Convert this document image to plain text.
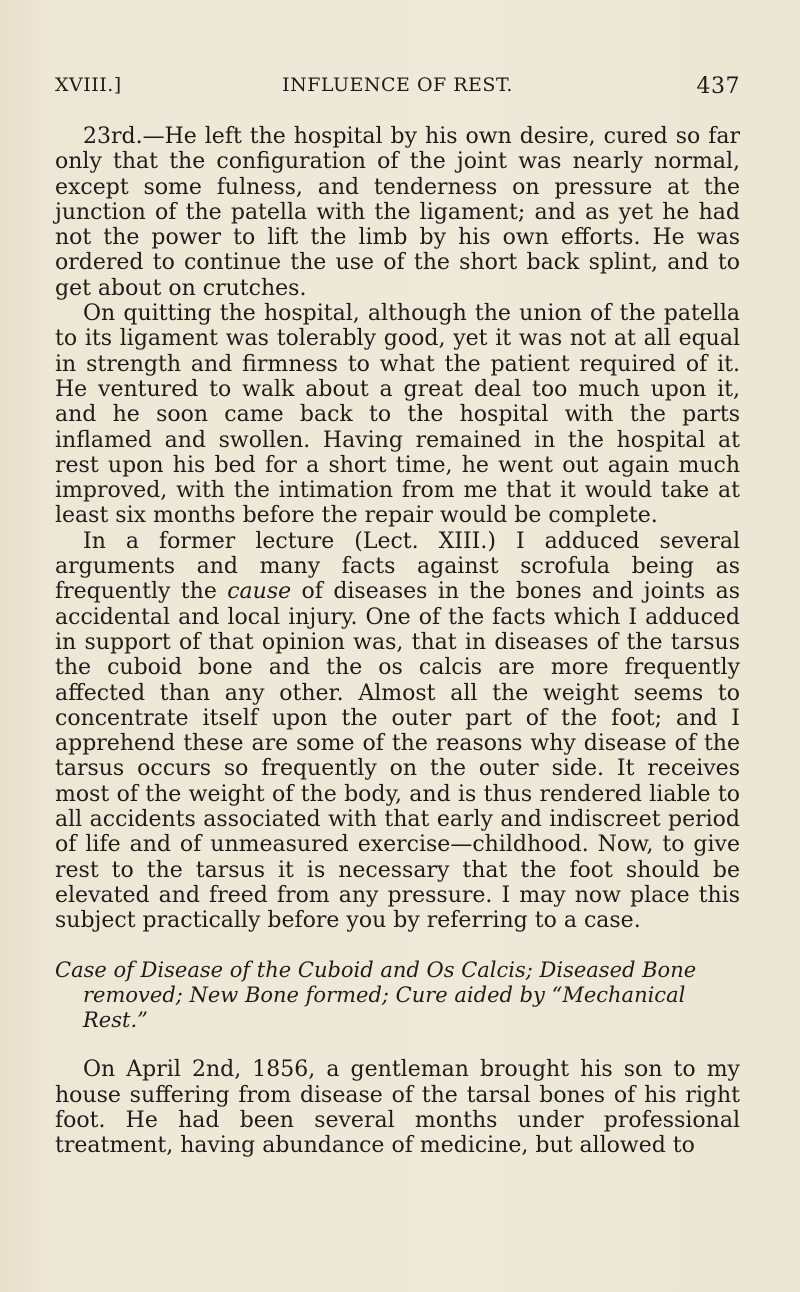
XVIII.]	INFLUENCE OF REST.	437

23rd.—He left the hospital by his own desire, cured so far only that the configuration of the joint was nearly normal, except some fulness, and tenderness on pressure at the junction of the patella with the ligament; and as yet he had not the power to lift the limb by his own efforts. He was ordered to continue the use of the short back splint, and to get about on crutches.

On quitting the hospital, although the union of the patella to its ligament was tolerably good, yet it was not at all equal in strength and firmness to what the patient required of it. He ventured to walk about a great deal too much upon it, and he soon came back to the hospital with the parts inflamed and swollen. Having remained in the hospital at rest upon his bed for a short time, he went out again much improved, with the intimation from me that it would take at least six months before the repair would be complete.

In a former lecture (Lect. XIII.) I adduced several arguments and many facts against scrofula being as frequently the cause of diseases in the bones and joints as accidental and local injury. One of the facts which I adduced in support of that opinion was, that in diseases of the tarsus the cuboid bone and the os calcis are more frequently affected than any other. Almost all the weight seems to concentrate itself upon the outer part of the foot; and I apprehend these are some of the reasons why disease of the tarsus occurs so frequently on the outer side. It receives most of the weight of the body, and is thus rendered liable to all accidents associated with that early and indiscreet period of life and of unmeasured exercise—childhood. Now, to give rest to the tarsus it is necessary that the foot should be elevated and freed from any pressure. I may now place this subject practically before you by referring to a case.

Case of Disease of the Cuboid and Os Calcis; Diseased Bone removed; New Bone formed; Cure aided by “Mechanical Rest.”

On April 2nd, 1856, a gentleman brought his son to my house suffering from disease of the tarsal bones of his right foot. He had been several months under professional treatment, having abundance of medicine, but allowed to
